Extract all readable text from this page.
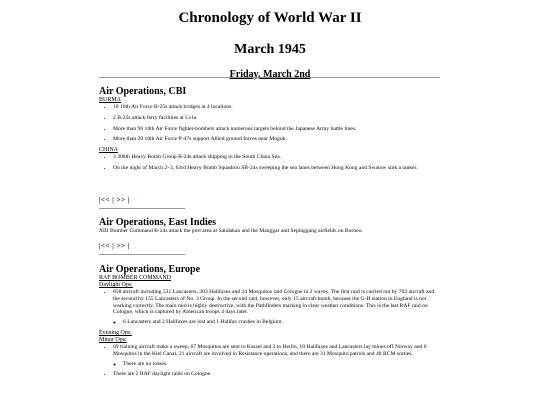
Chronology of World War II
March 1945
Friday, March 2nd

Air Operations, CBI

BURMA

• 10 10th Air Force B-25s attack bridges at 4 locations.
• 2 B-25s attack ferry facilities at Li-lu.
• More than 90 10th Air Force fighter-bombers attack numerous targets behind the Japanese Army battle lines.
• More than 20 10th Air Force P-47s support Allied ground forces near Mogok.

CHINA

• 3 308th Heavy Bomb Group B-24s attack shipping in the South China Sea.
• On the night of March 2–3, 63rd Heavy Bomb Squadron SB-24s sweeping the sea lanes between Hong Kong and Swatow sink a tanker.
|<< | >> |

Air Operations, East Indies

XIII Bomber Command B-24s attack the port area at Sandakan and the Manggar and Sepinggang airfields on Borneo.

|<< | >> |

Air Operations, Europe

RAF BOMBER COMMAND

Daylight Ops:

• 858 aircraft including 531 Lancasters, 303 Halifaxes and 24 Mosquitos raid Cologne in 2 waves. The first raid is carried out by 703 aircraft and the second by 155 Lancasters of No. 3 Group. In the second raid, however, only 15 aircraft bomb, because the G-H station in England is not working correctly. The main raid is highly destructive, with the Pathfinders marking in clear weather conditions. This is the last RAF raid on Cologne, which is captured by American troops 4 days later.
◦ 6 Lancasters and 2 Halifaxes are lost and 1 Halifax crashes in Belgium.

Evening Ops:

Minor Ops:

• 69 training aircraft make a sweep, 67 Mosquitos are sent to Kassel and 3 to Berlin, 10 Halifaxes and Lancasters lay mines off Norway and 6 Mosquitos in the Kiel Canal, 21 aircraft are involved in Resistance operations, and there are 31 Mosquito patrols and 48 RCM sorties.
◦ There are no losses.
• There are 2 RAF daylight raids on Cologne.
